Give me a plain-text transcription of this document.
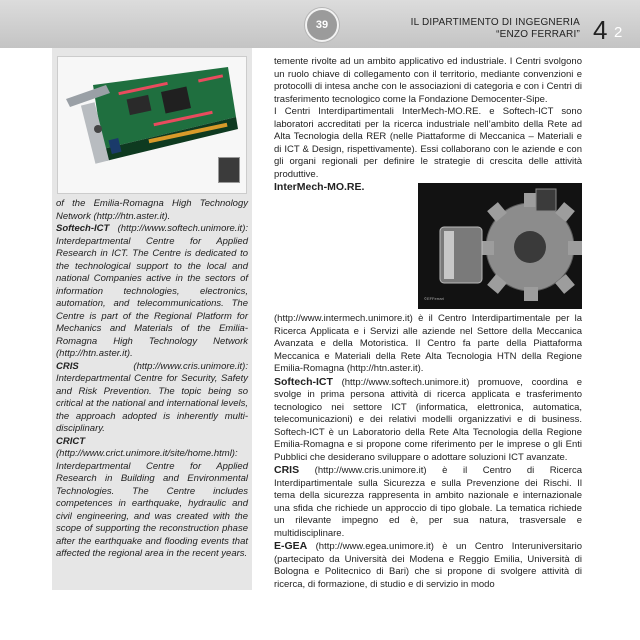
39	IL DIPARTIMENTO DI INGEGNERIA
“ENZO FERRARI” 4 2

of the Emilia-Romagna High Technology Network (http://htn.aster.it).

Softech-ICT (http://www.softech.unimore.it): Interdepartmental Centre for Applied Research in ICT. The Centre is dedicated to the technological support to the local and national Companies active in the sectors of information technologies, electronics, automation, and telecommunications. The Centre is part of the Regional Platform for Mechanics and Materials of the Emilia-Romagna High Technology Network (http://htn.aster.it).

CRIS (http://www.cris.unimore.it): Interdepartmental Centre for Security, Safety and Risk Prevention. The topic being so critical at the national and international levels, the approach adopted is inherently multi-disciplinary.

CRICT (http://www.crict.unimore.it/site/home.html): Interdepartmental Centre for Applied Research in Building and Environmental Technologies. The Centre includes competences in earthquake, hydraulic and civil engineering, and was created with the scope of supporting the reconstruction phase after the earthquake and flooding events that affected the regional area in the recent years.

temente rivolte ad un ambito applicativo ed industriale. I Centri svolgono un ruolo chiave di collegamento con il territorio, mediante convenzioni e protocolli di intesa anche con le associazioni di categoria e con i Centri di trasferimento tecnologico come la Fondazione Democenter-Sipe.

I Centri Interdipartimentali InterMech-MO.RE. e Softech-ICT sono laboratori accreditati per la ricerca industriale nell’ambito della Rete ad Alta Tecnologia della RER (nelle Piattaforme di Meccanica – Materiali e di ICT & Design, rispettivamente). Essi collaborano con le aziende e con gli organi regionali per definire le strategie di crescita delle attività produttive.

©EFFerrari

InterMech-MO.RE. (http://www.intermech.unimore.it) è il Centro Interdipartimentale per la Ricerca Applicata e i Servizi alle aziende nel Settore della Meccanica Avanzata e della Motoristica. Il Centro fa parte della Piattaforma Meccanica e Materiali della Rete Alta Tecnologia HTN della Regione Emilia-Romagna (http://htn.aster.it).

Softech-ICT (http://www.softech.unimore.it) promuove, coordina e svolge in prima persona attività di ricerca applicata e trasferimento tecnologico nei settore ICT (informatica, elettronica, automatica, telecomunicazioni) e dei relativi modelli organizzativi e di business. Softech-ICT è un Laboratorio della Rete Alta Tecnologia della Regione Emilia-Romagna e si propone come riferimento per le imprese o gli Enti Pubblici che desiderano sviluppare o adottare soluzioni ICT avanzate.

CRIS (http://www.cris.unimore.it) è il Centro di Ricerca Interdipartimentale sulla Sicurezza e sulla Prevenzione dei Rischi. Il tema della sicurezza rappresenta in ambito nazionale e internazionale una sfida che richiede un approccio di tipo globale. La tematica richiede un rilevante impegno ed è, per sua natura, trasversale e multidisciplinare.

E-GEA (http://www.egea.unimore.it) è un Centro Interuniversitario (partecipato da Università dei Modena e Reggio Emilia, Università di Bologna e Politecnico di Bari) che si propone di svolgere attività di ricerca, di formazione, di studio e di servizio in modo
